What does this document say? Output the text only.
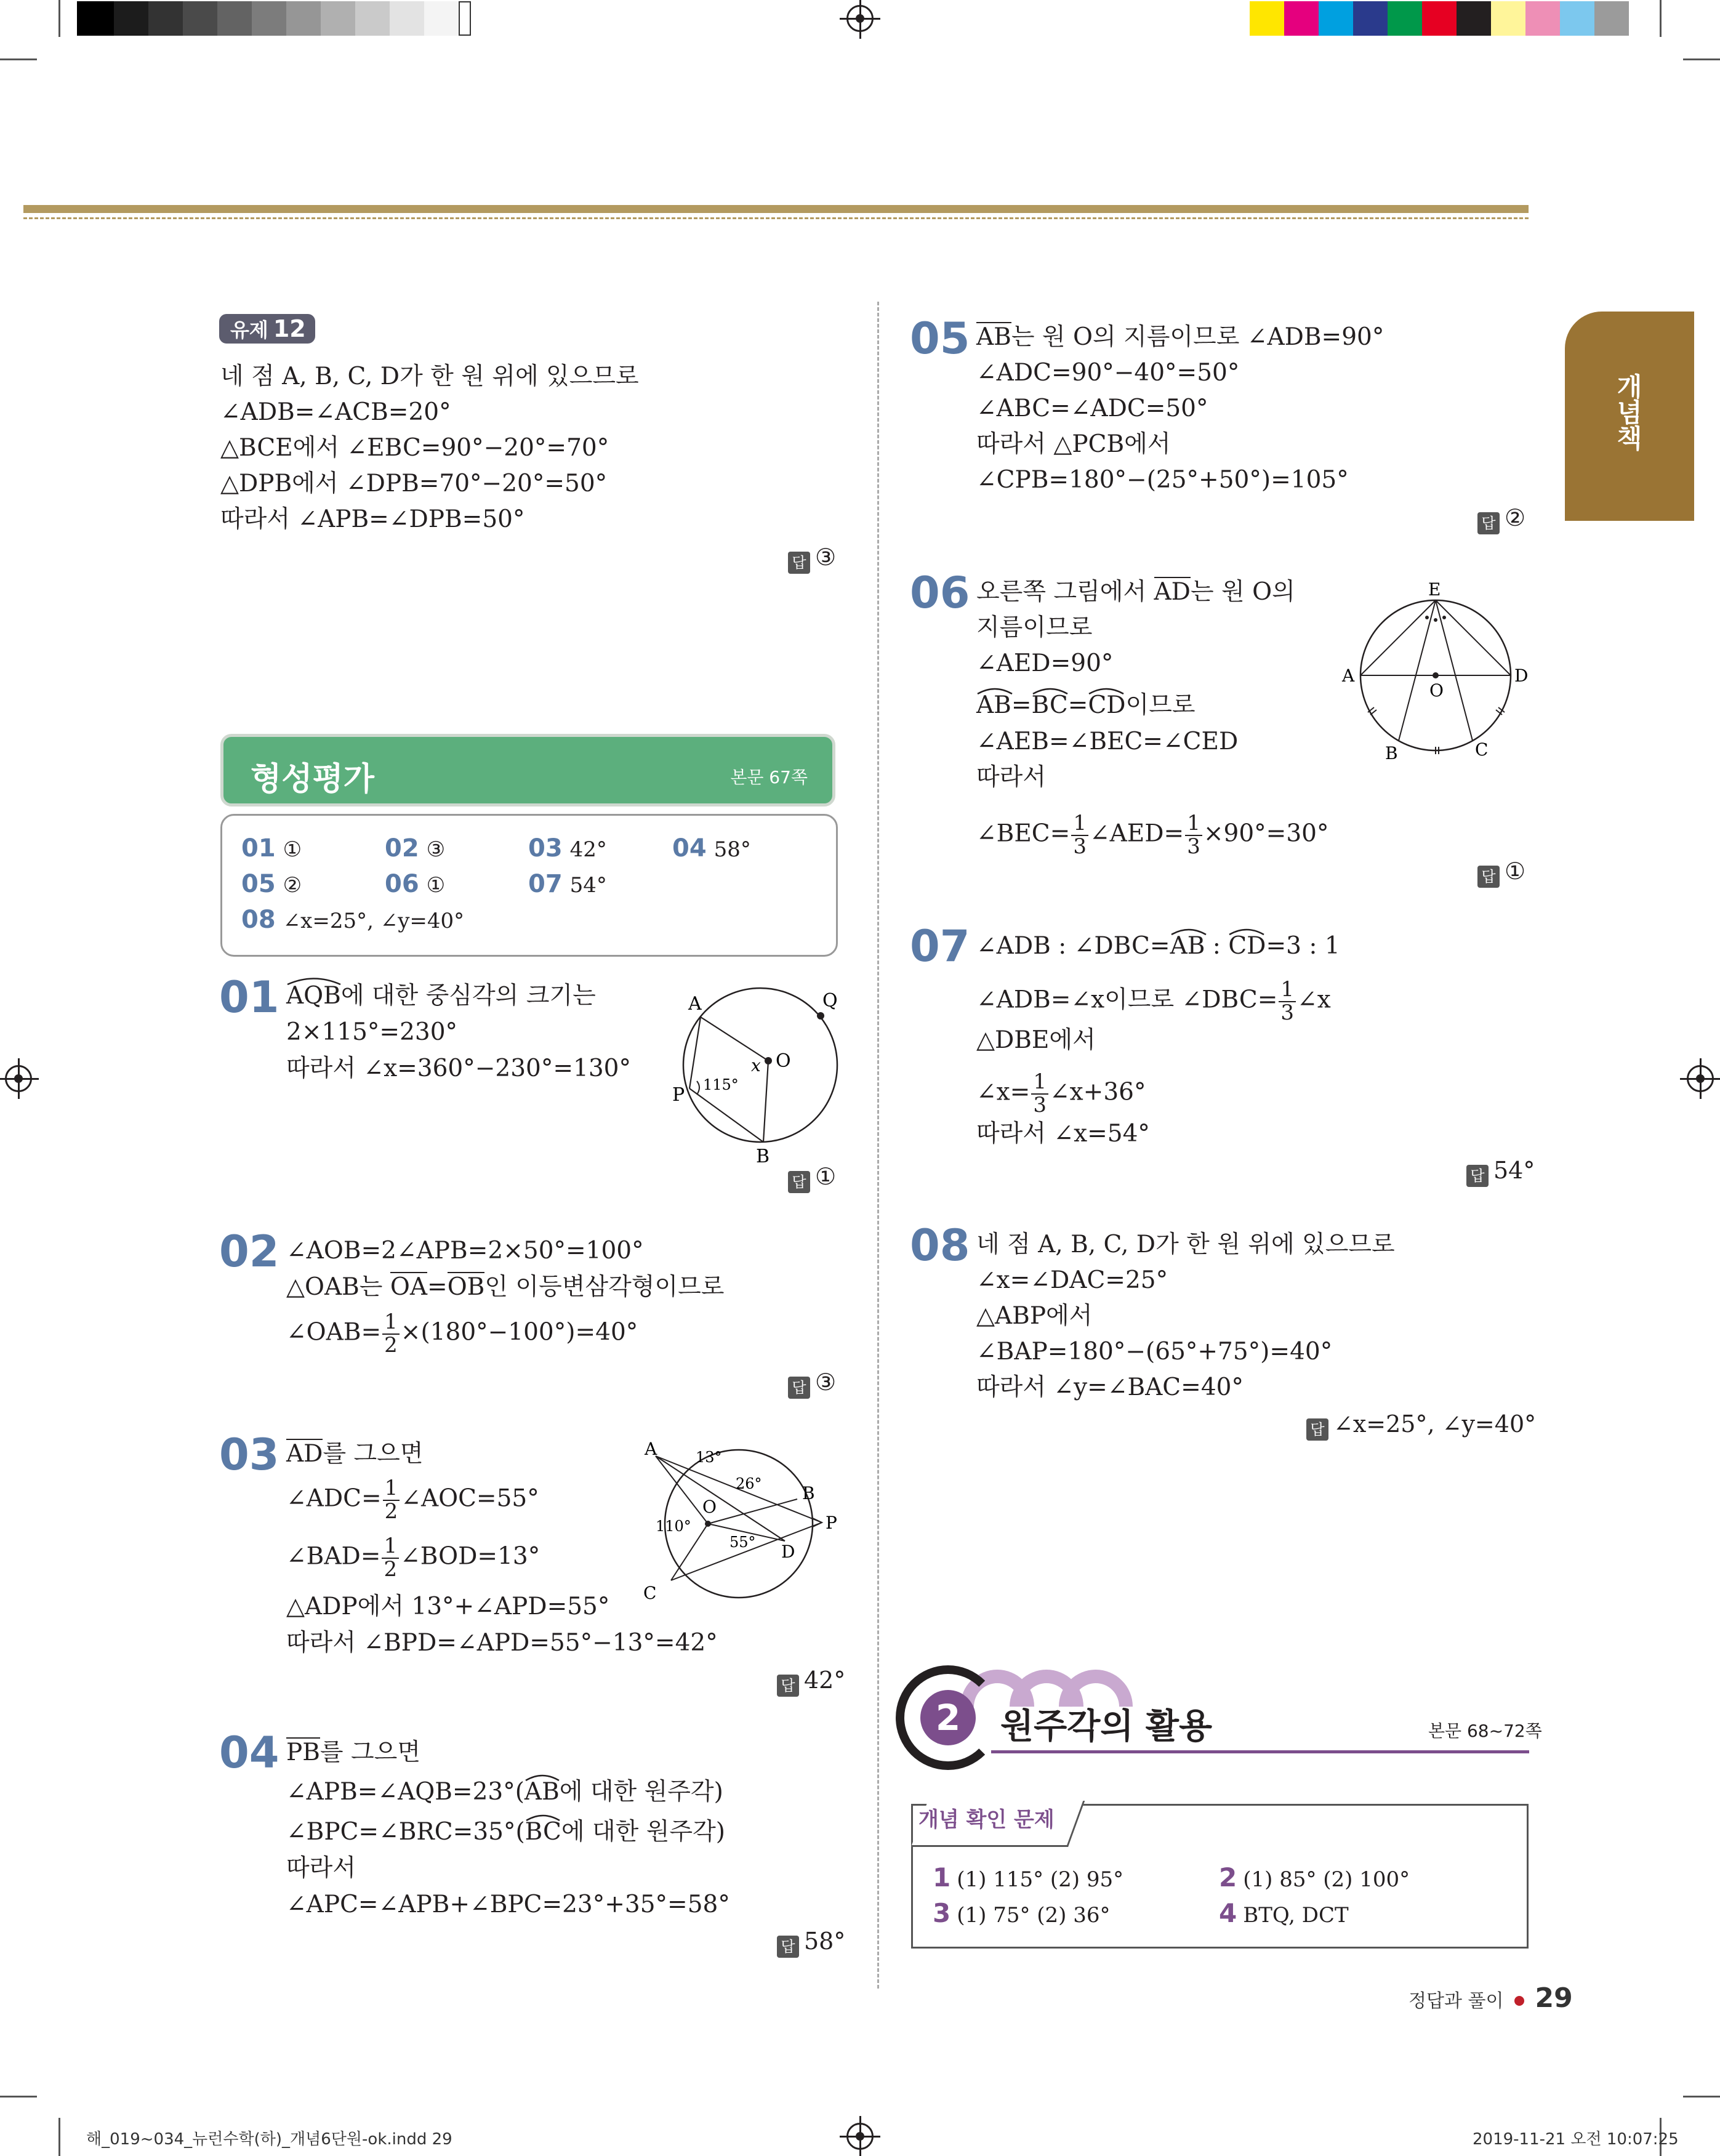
개념책
유제 12
네 점 A, B, C, D가 한 원 위에 있으므로
∠ADB=∠ACB=20°
△BCE에서 ∠EBC=90°−20°=70°
△DPB에서 ∠DPB=70°−20°=50°
따라서 ∠APB=∠DPB=50°
답 ③
형성평가	본문 67쪽
01 ①	02 ③	03 42°	04 58°
05 ②	06 ①	07 54°
08 ∠x=25°, ∠y=40°
01 AQB에 대한 중심각의 크기는
2×115°=230°
따라서 ∠x=360°−230°=130°
A	Q
O
x
P 115°
B
답 ①
02 ∠AOB=2∠APB=2×50°=100°
△OAB는 OA=OB인 이등변삼각형이므로
∠OAB= $\frac{1}{2} \times(180^\circ-100^\circ)=40^\circ$
답 ③
03 AD를 그으면
∠ADC= $\frac{1}{2}$ ∠AOC=55°
∠BAD= $\frac{1}{2}$ ∠BOD=13°
△ADP에서 13°+∠APD=55°
따라서 ∠BPD=∠APD=55°−13°=42°
A	13°
26° B
O
110°	P
55° D
C
답 42°
04 PB를 그으면
∠APB=∠AQB=23°(
AB에 대한 원주각)
∠BPC=∠BRC=35°(
BC에 대한 원주각)
따라서
∠APC=∠APB+∠BPC=23°+35°=58°
답 58°
05 AB는 원 O의 지름이므로 ∠ADB=90°
∠ADC=90°−40°=50°
∠ABC=∠ADC=50°
따라서 △PCB에서
∠CPB=180°−(25°+50°)=105°
답 ②
06 오른쪽 그림에서 AD는 원 O의
지름이므로
∠AED=90°
AB=
BC=
CD이므로
∠AEB=∠BEC=∠CED
따라서
∠BEC= $\frac{1}{3}$ ∠AED= $\frac{1}{3} \times 90^\circ=30^\circ$
E
A	D
O
B	C
답 ①
07 ∠ADB : ∠DBC=
AB :
CD=3 : 1
∠ADB=∠x이므로 ∠DBC= $\frac{1}{3}$ ∠x
△DBE에서
∠x= $\frac{1}{3}$ ∠x+36°
따라서 ∠x=54°
답 54°
08 네 점 A, B, C, D가 한 원 위에 있으므로
∠x=∠DAC=25°
△ABP에서
∠BAP=180°−(65°+75°)=40°
따라서 ∠y=∠BAC=40°
답 ∠x=25°, ∠y=40°
2	원주각의 활용	본문 68~72쪽
개념 확인 문제
1 (1) 115° (2) 95°	2 (1) 85° (2) 100°
3 (1) 75° (2) 36°	4 BTQ, DCT
정답과 풀이 29
해_019~034_뉴런수학(하)_개념6단원-ok.indd 29	2019-11-21 오전 10:07:25
